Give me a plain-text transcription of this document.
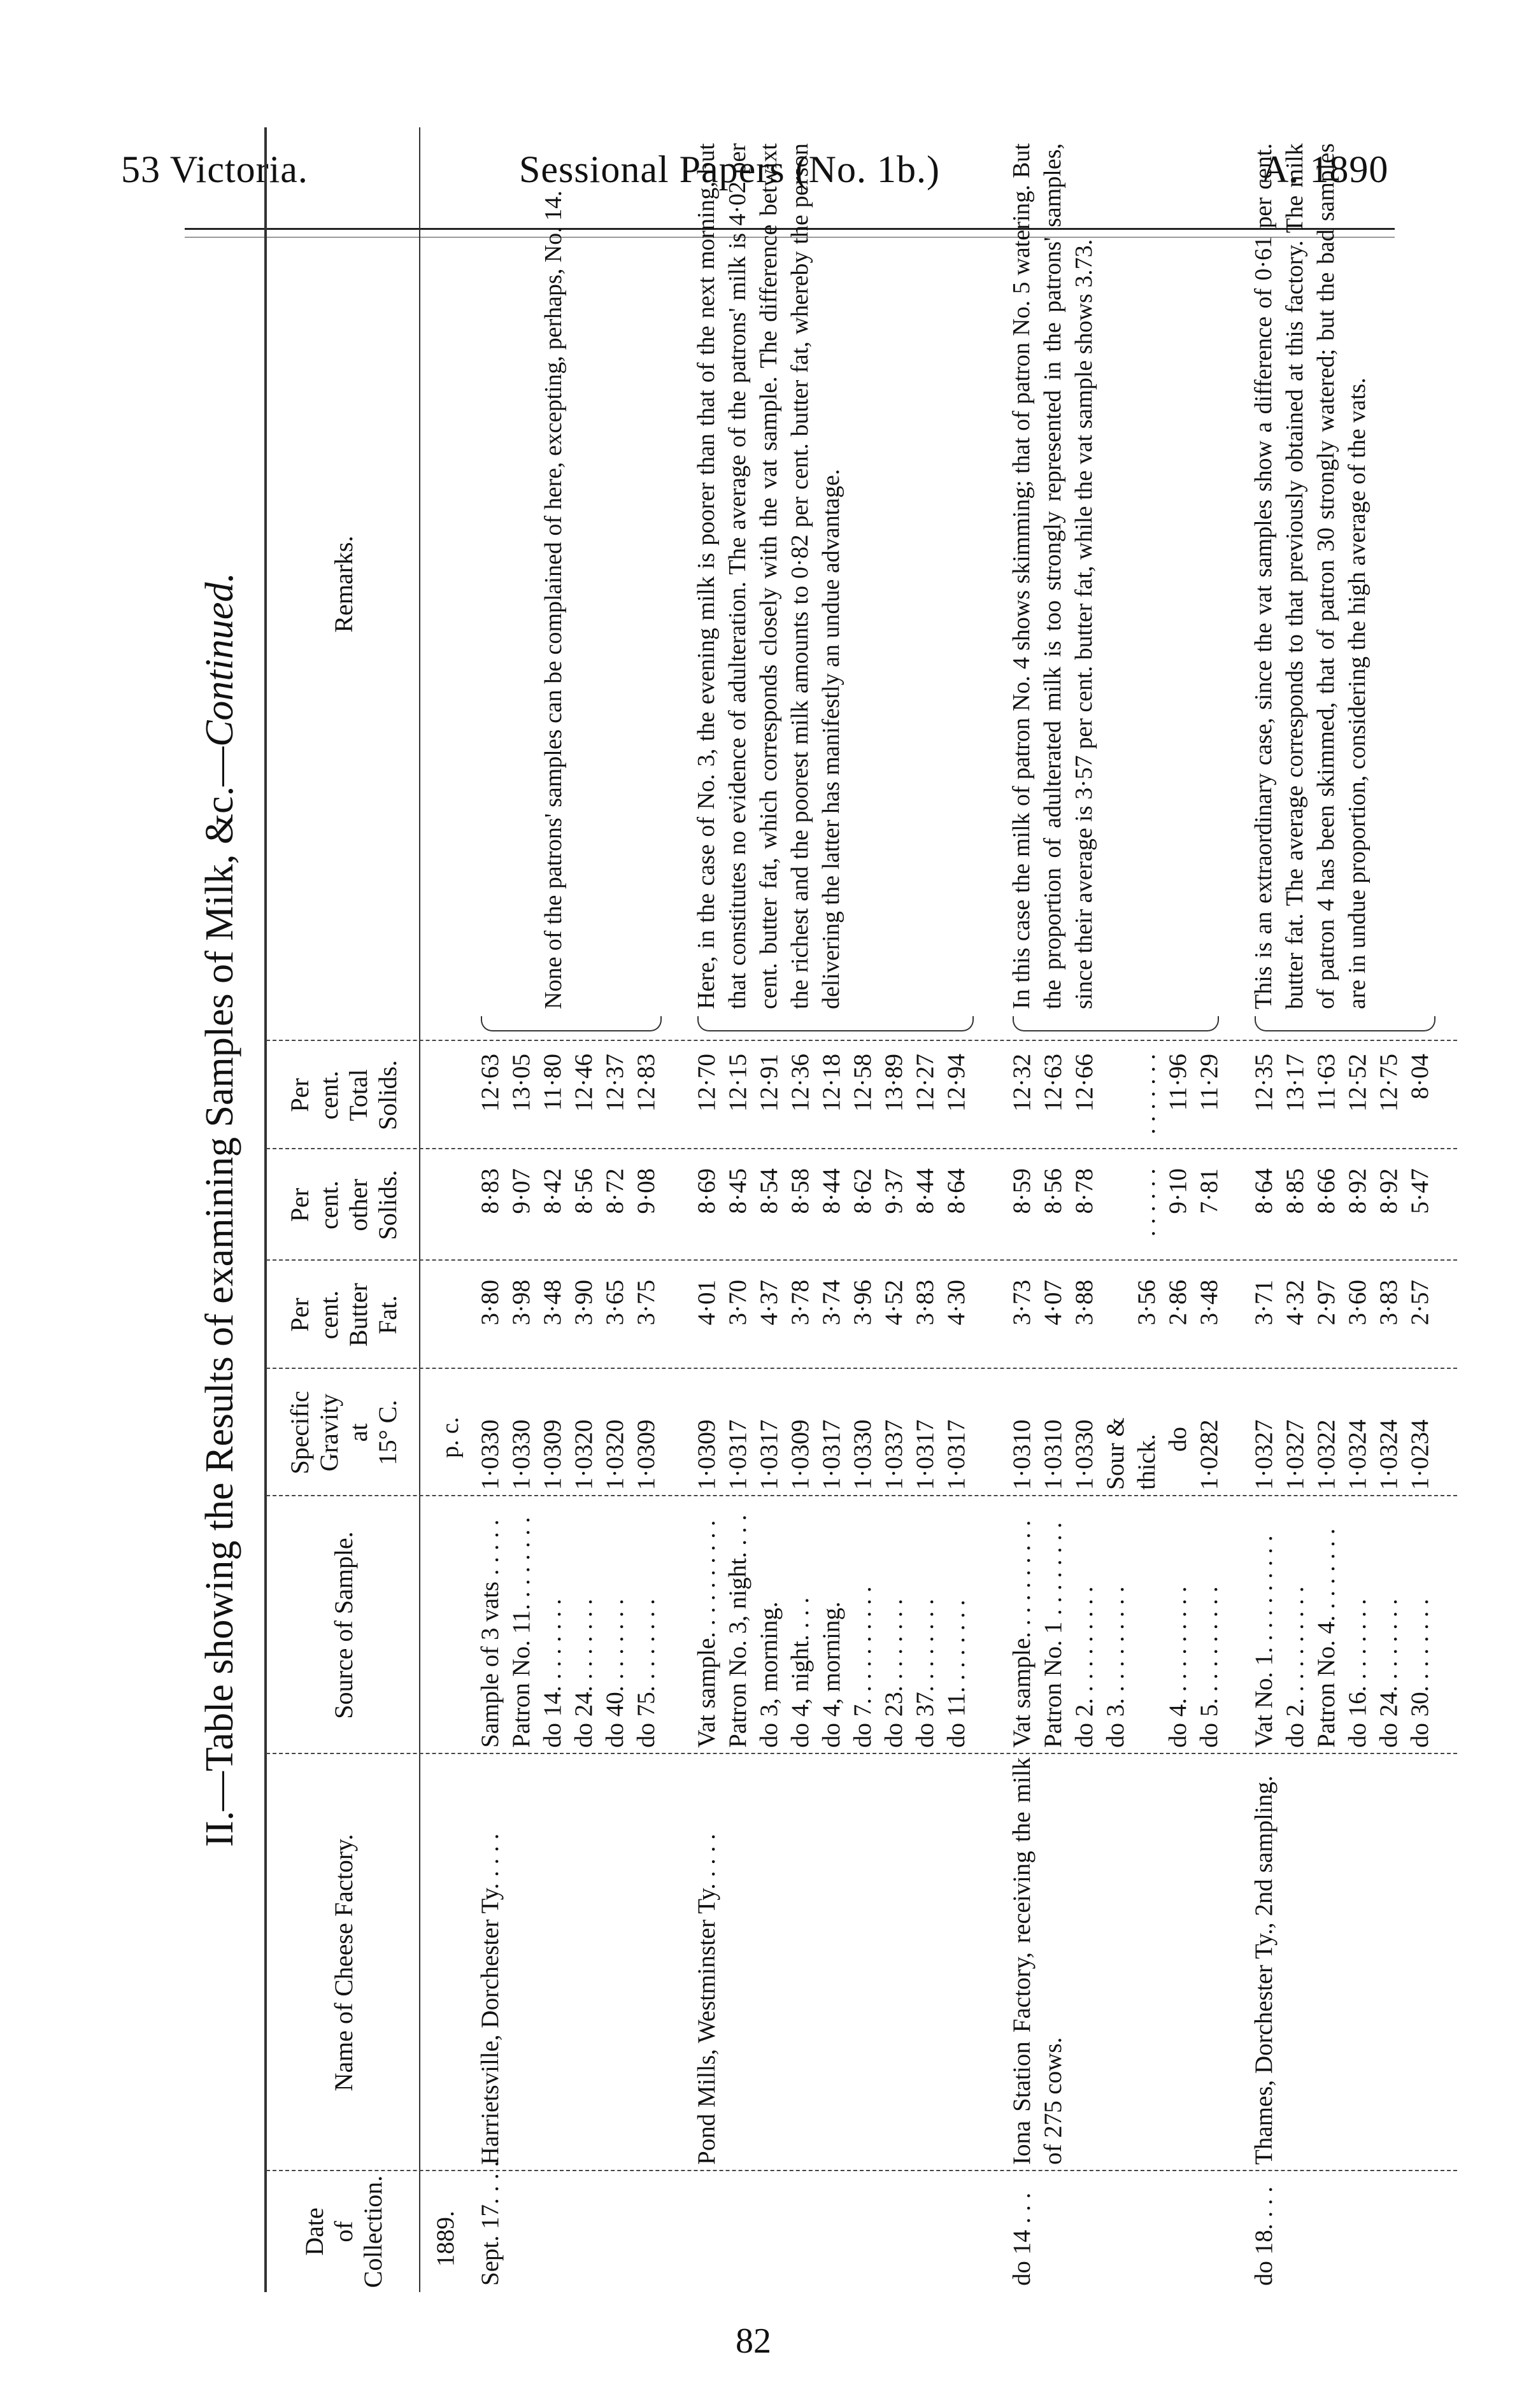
53 Victoria.	Sessional Papers (No. 1b.)	A. 1890
II.—Table showing the Results of examining Samples of Milk, &c.—Continued.
Date of Collection.
Name of Cheese Factory.
Source of Sample.
Specific Gravity at 15° C.
Per cent. Butter Fat.
Per cent. other Solids.
Per cent. Total Solids.
Remarks.
1889.
p. c.
Sept. 17. . . .
Harrietsville, Dorchester Ty. . . . .
Sample of 3 vats . . . . . Patron No. 11. . . . . . . . do 14. . . . . . . . do 24. . . . . . . . do 40. . . . . . . . do 75. . . . . . . .
1·0330 1·0330 1·0309 1·0320 1·0320 1·0309
3·80 3·98 3·48 3·90 3·65 3·75
8·83 9·07 8·42 8·56 8·72 9·08
12·63 13·05 11·80 12·46 12·37 12·83
None of the patrons' samples can be complained of here, excepting, perhaps, No. 14.
Pond Mills, Westminster Ty. . . . .
Vat sample. . . . . . . . . . Patron No. 3, night. . . . do 3, morning. do 4, night. . . . do 4, morning. do 7. . . . . . . . . . do 23. . . . . . . . do 37. . . . . . . . do 11. . . . . . . .
1·0309 1·0317 1·0317 1·0309 1·0317 1·0330 1·0337 1·0317 1·0317
4·01 3·70 4·37 3·78 3·74 3·96 4·52 3·83 4·30
8·69 8·45 8·54 8·58 8·44 8·62 9·37 8·44 8·64
12·70 12·15 12·91 12·36 12·18 12·58 13·89 12·27 12·94
Here, in the case of No. 3, the evening milk is poorer than that of the next morning, but that constitutes no evidence of adulteration. The average of the patrons' milk is 4·02 per cent. butter fat, which corresponds closely with the vat sample. The difference betwixt the richest and the poorest milk amounts to 0·82 per cent. butter fat, whereby the person delivering the latter has manifestly an undue advantage.
do 14 . . .
Iona Station Factory, receiving the milk of 275 cows.
Vat sample. . . . . . . . . . Patron No. 1 . . . . . . . . do 2. . . . . . . . . . do 3. . . . . . . . . . do 4. . . . . . . . . . do 5. . . . . . . . . .
1·0310 1·0310 1·0330 Sour & thick. do 1·0282
3·73 4·07 3·88 3·56 2·86 3·48
8·59 8·56 8·78 . . . . . . 9·10 7·81
12·32 12·63 12·66 . . . . . . . 11·96 11·29
In this case the milk of patron No. 4 shows skimming; that of patron No. 5 watering. But the proportion of adulterated milk is too strongly represented in the patrons' samples, since their average is 3·57 per cent. butter fat, while the vat sample shows 3.73.
do 18. . . .
Thames, Dorchester Ty., 2nd sampling.
Vat No. 1. . . . . . . . . . do 2. . . . . . . . . . Patron No. 4. . . . . . . . do 16. . . . . . . . do 24. . . . . . . . do 30. . . . . . . .
1·0327 1·0327 1·0322 1·0324 1·0324 1·0234
3·71 4·32 2·97 3·60 3·83 2·57
8·64 8·85 8·66 8·92 8·92 5·47
12·35 13·17 11·63 12·52 12·75 8·04
This is an extraordinary case, since the vat samples show a difference of 0·61 per cent. butter fat. The average corresponds to that previously obtained at this factory. The milk of patron 4 has been skimmed, that of patron 30 strongly watered; but the bad samples are in undue proportion, considering the high average of the vats.
82
